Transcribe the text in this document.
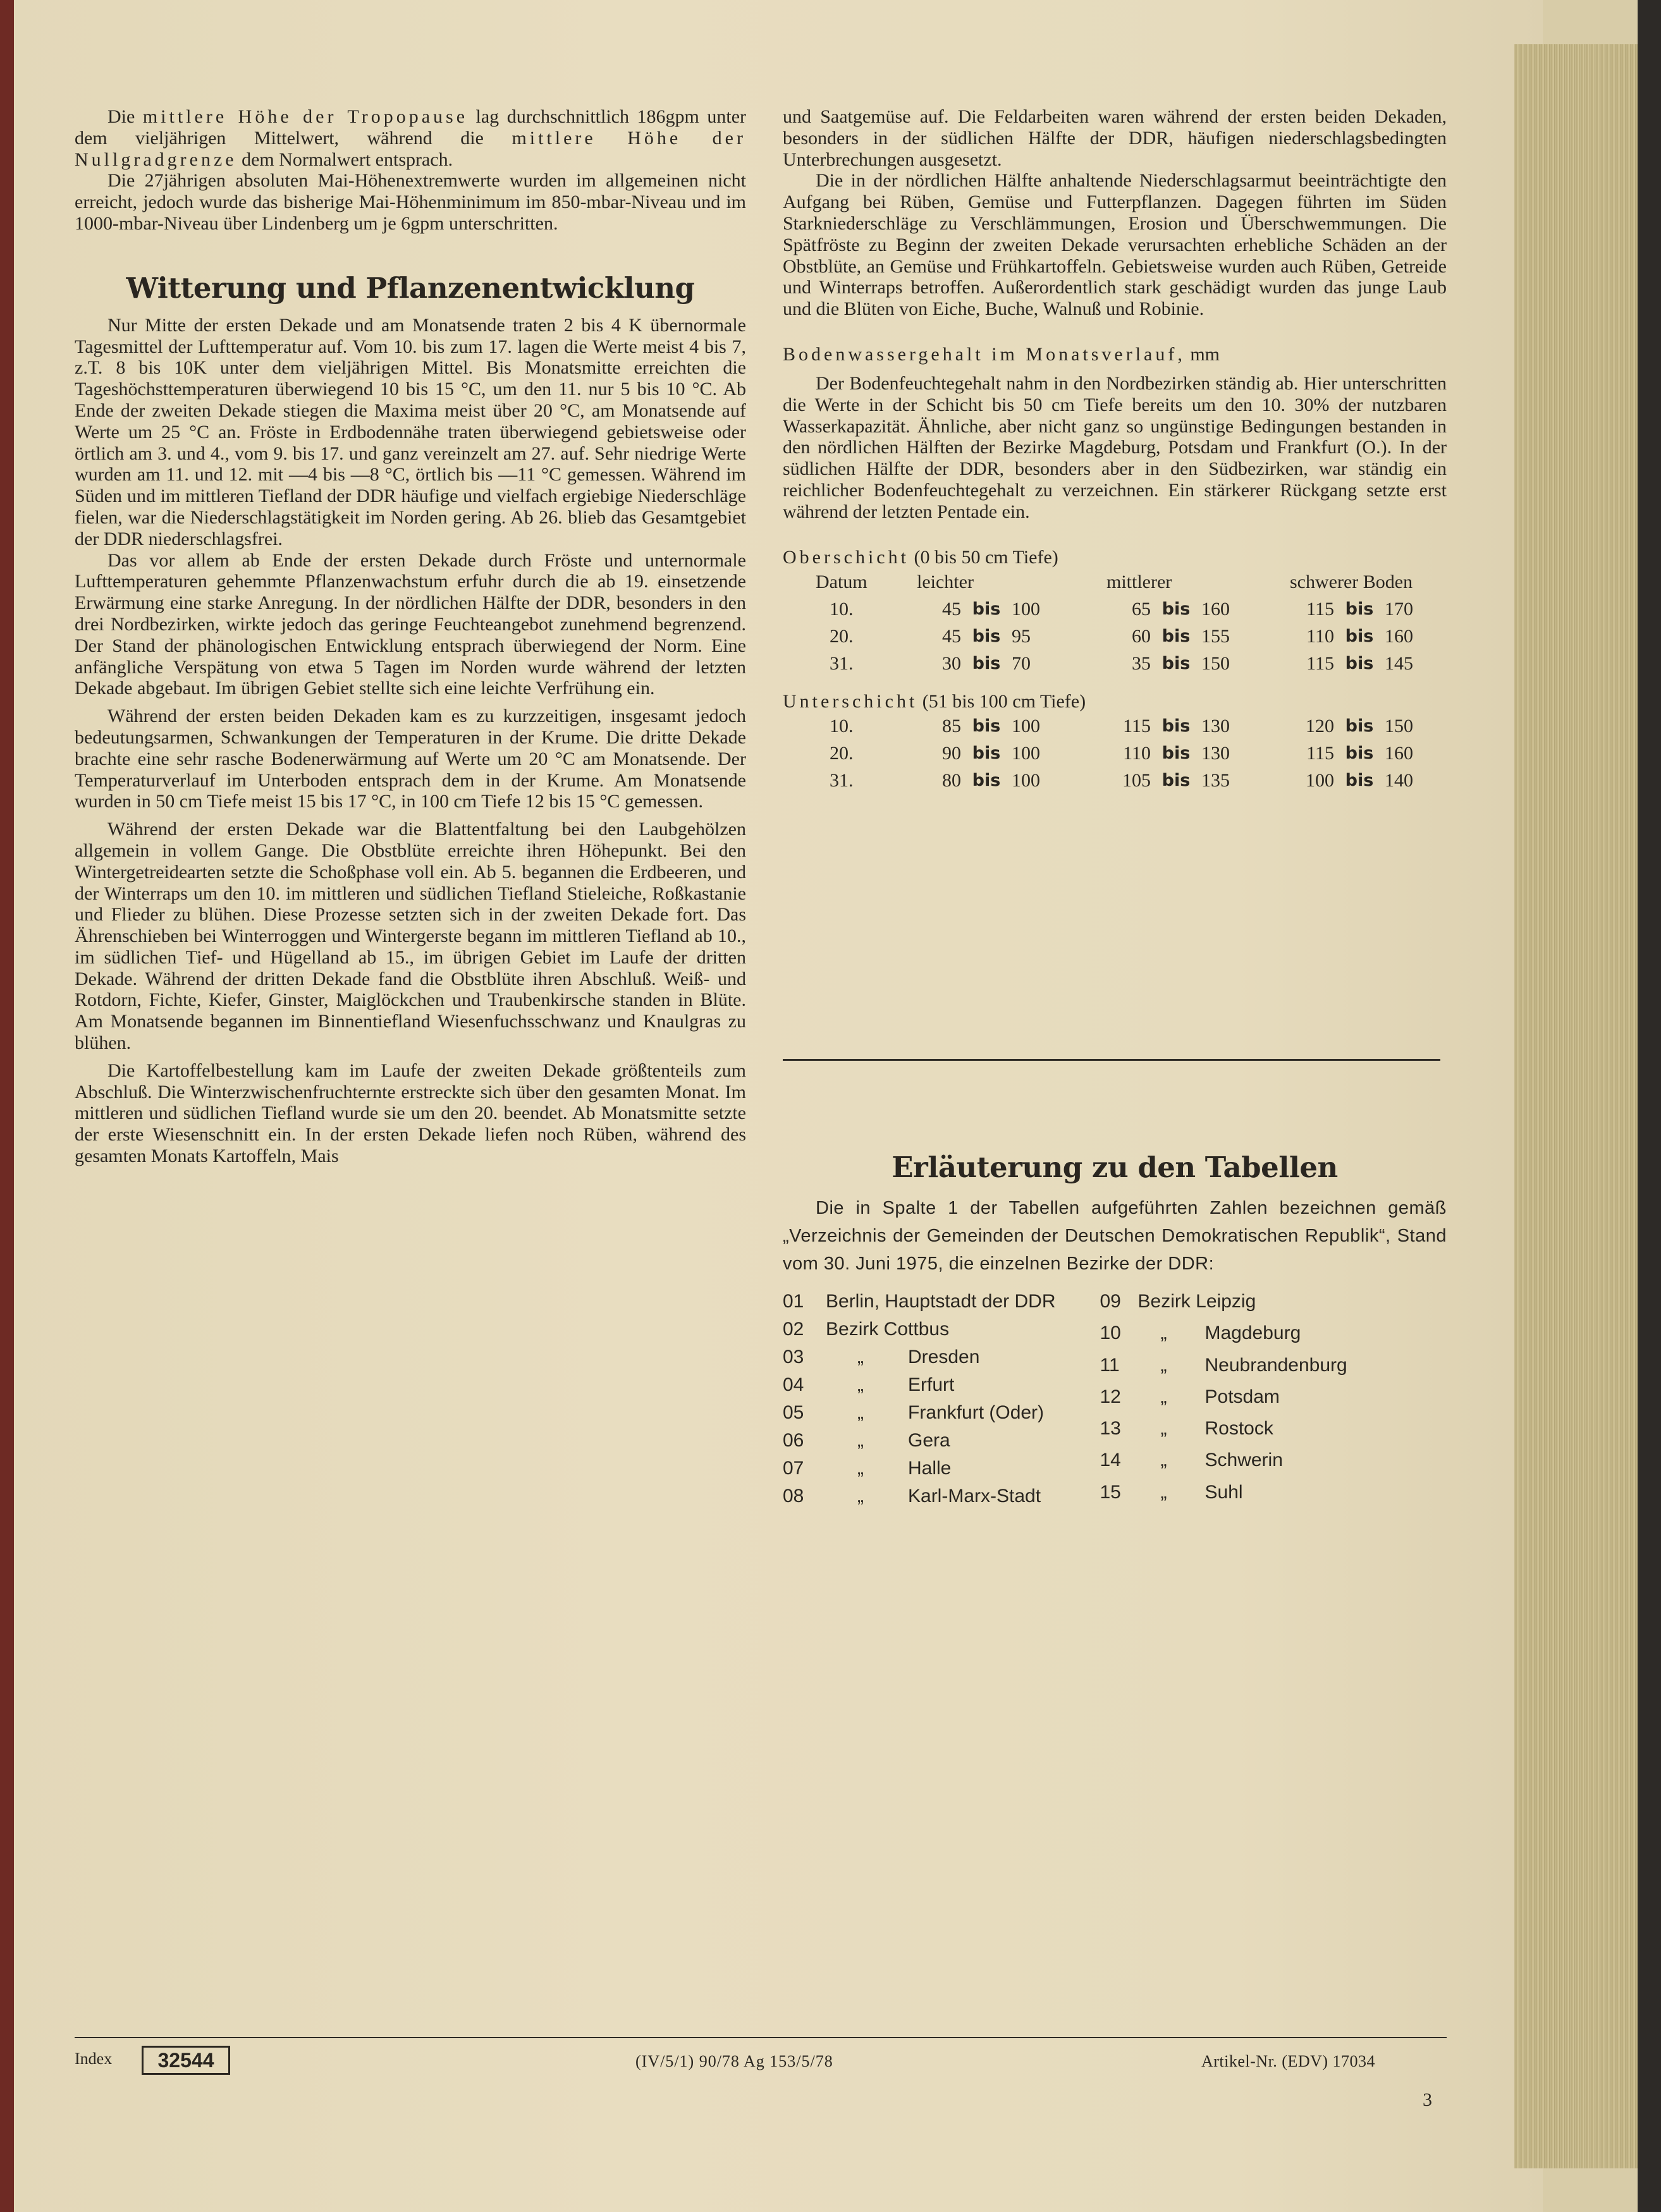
Die mittlere Höhe der Tropopause lag durchschnittlich 186gpm unter dem vieljährigen Mittelwert, während die mittlere Höhe der Nullgradgrenze dem Normalwert entsprach.

Die 27jährigen absoluten Mai-Höhenextremwerte wurden im allgemeinen nicht erreicht, jedoch wurde das bisherige Mai-Höhenminimum im 850-mbar-Niveau und im 1000-mbar-Niveau über Lindenberg um je 6gpm unterschritten.

Witterung und Pflanzenentwicklung

Nur Mitte der ersten Dekade und am Monatsende traten 2 bis 4 K übernormale Tagesmittel der Lufttemperatur auf. Vom 10. bis zum 17. lagen die Werte meist 4 bis 7, z.T. 8 bis 10K unter dem vieljährigen Mittel. Bis Monatsmitte erreichten die Tageshöchsttemperaturen überwiegend 10 bis 15 °C, um den 11. nur 5 bis 10 °C. Ab Ende der zweiten Dekade stiegen die Maxima meist über 20 °C, am Monatsende auf Werte um 25 °C an. Fröste in Erdbodennähe traten überwiegend gebietsweise oder örtlich am 3. und 4., vom 9. bis 17. und ganz vereinzelt am 27. auf. Sehr niedrige Werte wurden am 11. und 12. mit —4 bis —8 °C, örtlich bis —11 °C gemessen. Während im Süden und im mittleren Tiefland der DDR häufige und vielfach ergiebige Niederschläge fielen, war die Niederschlagstätigkeit im Norden gering. Ab 26. blieb das Gesamtgebiet der DDR niederschlagsfrei.

Das vor allem ab Ende der ersten Dekade durch Fröste und unternormale Lufttemperaturen gehemmte Pflanzenwachstum erfuhr durch die ab 19. einsetzende Erwärmung eine starke Anregung. In der nördlichen Hälfte der DDR, besonders in den drei Nordbezirken, wirkte jedoch das geringe Feuchteangebot zunehmend begrenzend. Der Stand der phänologischen Entwicklung entsprach überwiegend der Norm. Eine anfängliche Verspätung von etwa 5 Tagen im Norden wurde während der letzten Dekade abgebaut. Im übrigen Gebiet stellte sich eine leichte Verfrühung ein.

Während der ersten beiden Dekaden kam es zu kurzzeitigen, insgesamt jedoch bedeutungsarmen, Schwankungen der Temperaturen in der Krume. Die dritte Dekade brachte eine sehr rasche Bodenerwärmung auf Werte um 20 °C am Monatsende. Der Temperaturverlauf im Unterboden entsprach dem in der Krume. Am Monatsende wurden in 50 cm Tiefe meist 15 bis 17 °C, in 100 cm Tiefe 12 bis 15 °C gemessen.

Während der ersten Dekade war die Blattentfaltung bei den Laubgehölzen allgemein in vollem Gange. Die Obstblüte erreichte ihren Höhepunkt. Bei den Wintergetreidearten setzte die Schoßphase voll ein. Ab 5. begannen die Erdbeeren, und der Winterraps um den 10. im mittleren und südlichen Tiefland Stieleiche, Roßkastanie und Flieder zu blühen. Diese Prozesse setzten sich in der zweiten Dekade fort. Das Ährenschieben bei Winterroggen und Wintergerste begann im mittleren Tiefland ab 10., im südlichen Tief- und Hügelland ab 15., im übrigen Gebiet im Laufe der dritten Dekade. Während der dritten Dekade fand die Obstblüte ihren Abschluß. Weiß- und Rotdorn, Fichte, Kiefer, Ginster, Maiglöckchen und Traubenkirsche standen in Blüte. Am Monatsende begannen im Binnentiefland Wiesenfuchsschwanz und Knaulgras zu blühen.

Die Kartoffelbestellung kam im Laufe der zweiten Dekade größtenteils zum Abschluß. Die Winterzwischenfruchternte erstreckte sich über den gesamten Monat. Im mittleren und südlichen Tiefland wurde sie um den 20. beendet. Ab Monatsmitte setzte der erste Wiesenschnitt ein. In der ersten Dekade liefen noch Rüben, während des gesamten Monats Kartoffeln, Mais

und Saatgemüse auf. Die Feldarbeiten waren während der ersten beiden Dekaden, besonders in der südlichen Hälfte der DDR, häufigen niederschlagsbedingten Unterbrechungen ausgesetzt.

Die in der nördlichen Hälfte anhaltende Niederschlagsarmut beeinträchtigte den Aufgang bei Rüben, Gemüse und Futterpflanzen. Dagegen führten im Süden Starkniederschläge zu Verschlämmungen, Erosion und Überschwemmungen. Die Spätfröste zu Beginn der zweiten Dekade verursachten erhebliche Schäden an der Obstblüte, an Gemüse und Frühkartoffeln. Gebietsweise wurden auch Rüben, Getreide und Winterraps betroffen. Außerordentlich stark geschädigt wurden das junge Laub und die Blüten von Eiche, Buche, Walnuß und Robinie.

Bodenwassergehalt im Monatsverlauf, mm

Der Bodenfeuchtegehalt nahm in den Nordbezirken ständig ab. Hier unterschritten die Werte in der Schicht bis 50 cm Tiefe bereits um den 10. 30% der nutzbaren Wasserkapazität. Ähnliche, aber nicht ganz so ungünstige Bedingungen bestanden in den nördlichen Hälften der Bezirke Magdeburg, Potsdam und Frankfurt (O.). In der südlichen Hälfte der DDR, besonders aber in den Südbezirken, war ständig ein reichlicher Bodenfeuchtegehalt zu verzeichnen. Ein stärkerer Rückgang setzte erst während der letzten Pentade ein.

Oberschicht (0 bis 50 cm Tiefe)

Datum	leichter			mittlerer			schwerer Boden		
10.	45	bis	100	65	bis	160	115	bis	170
20.	45	bis	95	60	bis	155	110	bis	160
31.	30	bis	70	35	bis	150	115	bis	145

Unterschicht (51 bis 100 cm Tiefe)

10.	85	bis	100	115	bis	130	120	bis	150
20.	90	bis	100	110	bis	130	115	bis	160
31.	80	bis	100	105	bis	135	100	bis	140
Erläuterung zu den Tabellen

Die in Spalte 1 der Tabellen aufgeführten Zahlen bezeichnen gemäß „Verzeichnis der Gemeinden der Deutschen Demokratischen Republik“, Stand vom 30. Juni 1975, die einzelnen Bezirke der DDR:

01		Berlin, Hauptstadt der DDR	
02		Bezirk Cottbus	
03		„	Dresden
04		„	Erfurt
05		„	Frankfurt (Oder)
06		„	Gera
07		„	Halle
08		„	Karl-Marx-Stadt
09		Bezirk Leipzig	
10		„	Magdeburg
11		„	Neubrandenburg
12		„	Potsdam
13		„	Rostock
14		„	Schwerin
15		„	Suhl
Index	32544	(IV/5/1) 90/78 Ag 153/5/78	Artikel-Nr. (EDV) 17034
3
